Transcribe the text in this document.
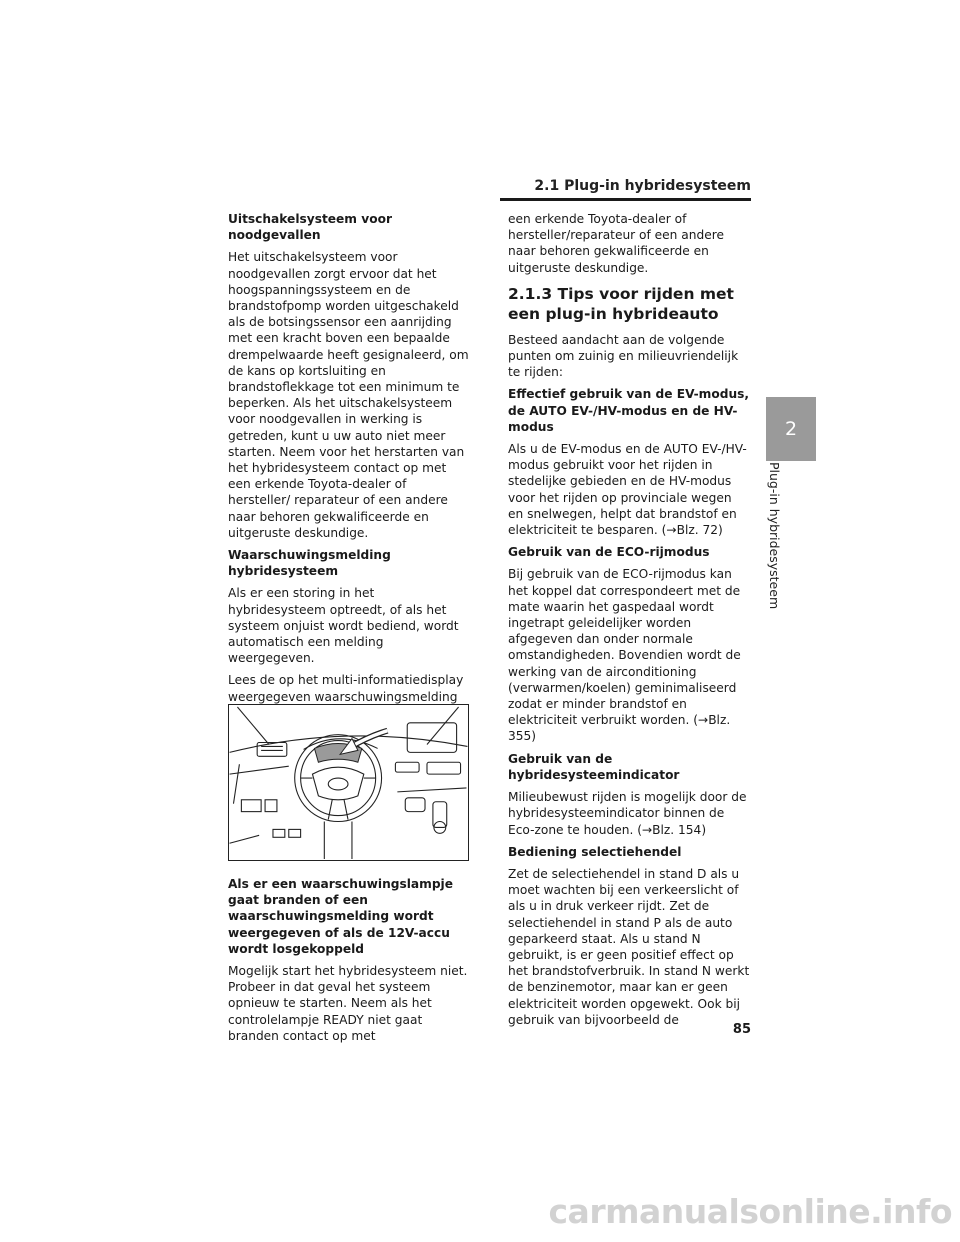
2.1 Plug-in hybridesysteem
Uitschakelsysteem voor noodgevallen

Het uitschakelsysteem voor noodgevallen zorgt ervoor dat het hoogspanningssysteem en de brandstofpomp worden uitgeschakeld als de botsingssensor een aanrijding met een kracht boven een bepaalde drempelwaarde heeft gesignaleerd, om de kans op kortsluiting en brandstoflekkage tot een minimum te beperken. Als het uitschakelsysteem voor noodgevallen in werking is getreden, kunt u uw auto niet meer starten. Neem voor het herstarten van het hybridesysteem contact op met een erkende Toyota-dealer of hersteller/ reparateur of een andere naar behoren gekwalificeerde en uitgeruste deskundige.

Waarschuwingsmelding hybridesysteem

Als er een storing in het hybridesysteem optreedt, of als het systeem onjuist wordt bediend, wordt automatisch een melding weergegeven.

Lees de op het multi-informatiedisplay weergegeven waarschuwingsmelding

Als er een waarschuwingslampje gaat branden of een waarschuwingsmelding wordt weergegeven of als de 12V-accu wordt losgekoppeld

Mogelijk start het hybridesysteem niet. Probeer in dat geval het systeem opnieuw te starten. Neem als het controlelampje READY niet gaat branden contact op met

een erkende Toyota-dealer of hersteller/reparateur of een andere naar behoren gekwalificeerde en uitgeruste deskundige.

2.1.3 Tips voor rijden met een plug-in hybrideauto

Besteed aandacht aan de volgende punten om zuinig en milieuvriendelijk te rijden:

Effectief gebruik van de EV-modus, de AUTO EV-/HV-modus en de HV-modus

Als u de EV-modus en de AUTO EV-/HV-modus gebruikt voor het rijden in stedelijke gebieden en de HV-modus voor het rijden op provinciale wegen en snelwegen, helpt dat brandstof en elektriciteit te besparen. (→Blz. 72)

Gebruik van de ECO-rijmodus

Bij gebruik van de ECO-rijmodus kan het koppel dat correspondeert met de mate waarin het gaspedaal wordt ingetrapt geleidelijker worden afgegeven dan onder normale omstandigheden. Bovendien wordt de werking van de airconditioning (verwarmen/koelen) geminimaliseerd zodat er minder brandstof en elektriciteit verbruikt worden. (→Blz. 355)

Gebruik van de hybridesysteemindicator

Milieubewust rijden is mogelijk door de hybridesysteemindicator binnen de Eco-zone te houden. (→Blz. 154)

Bediening selectiehendel

Zet de selectiehendel in stand D als u moet wachten bij een verkeerslicht of als u in druk verkeer rijdt. Zet de selectiehendel in stand P als de auto geparkeerd staat. Als u stand N gebruikt, is er geen positief effect op het brandstofverbruik. In stand N werkt de benzinemotor, maar kan er geen elektriciteit worden opgewekt. Ook bij gebruik van bijvoorbeeld de

2
Plug-in hybridesysteem
85
carmanualsonline.info
